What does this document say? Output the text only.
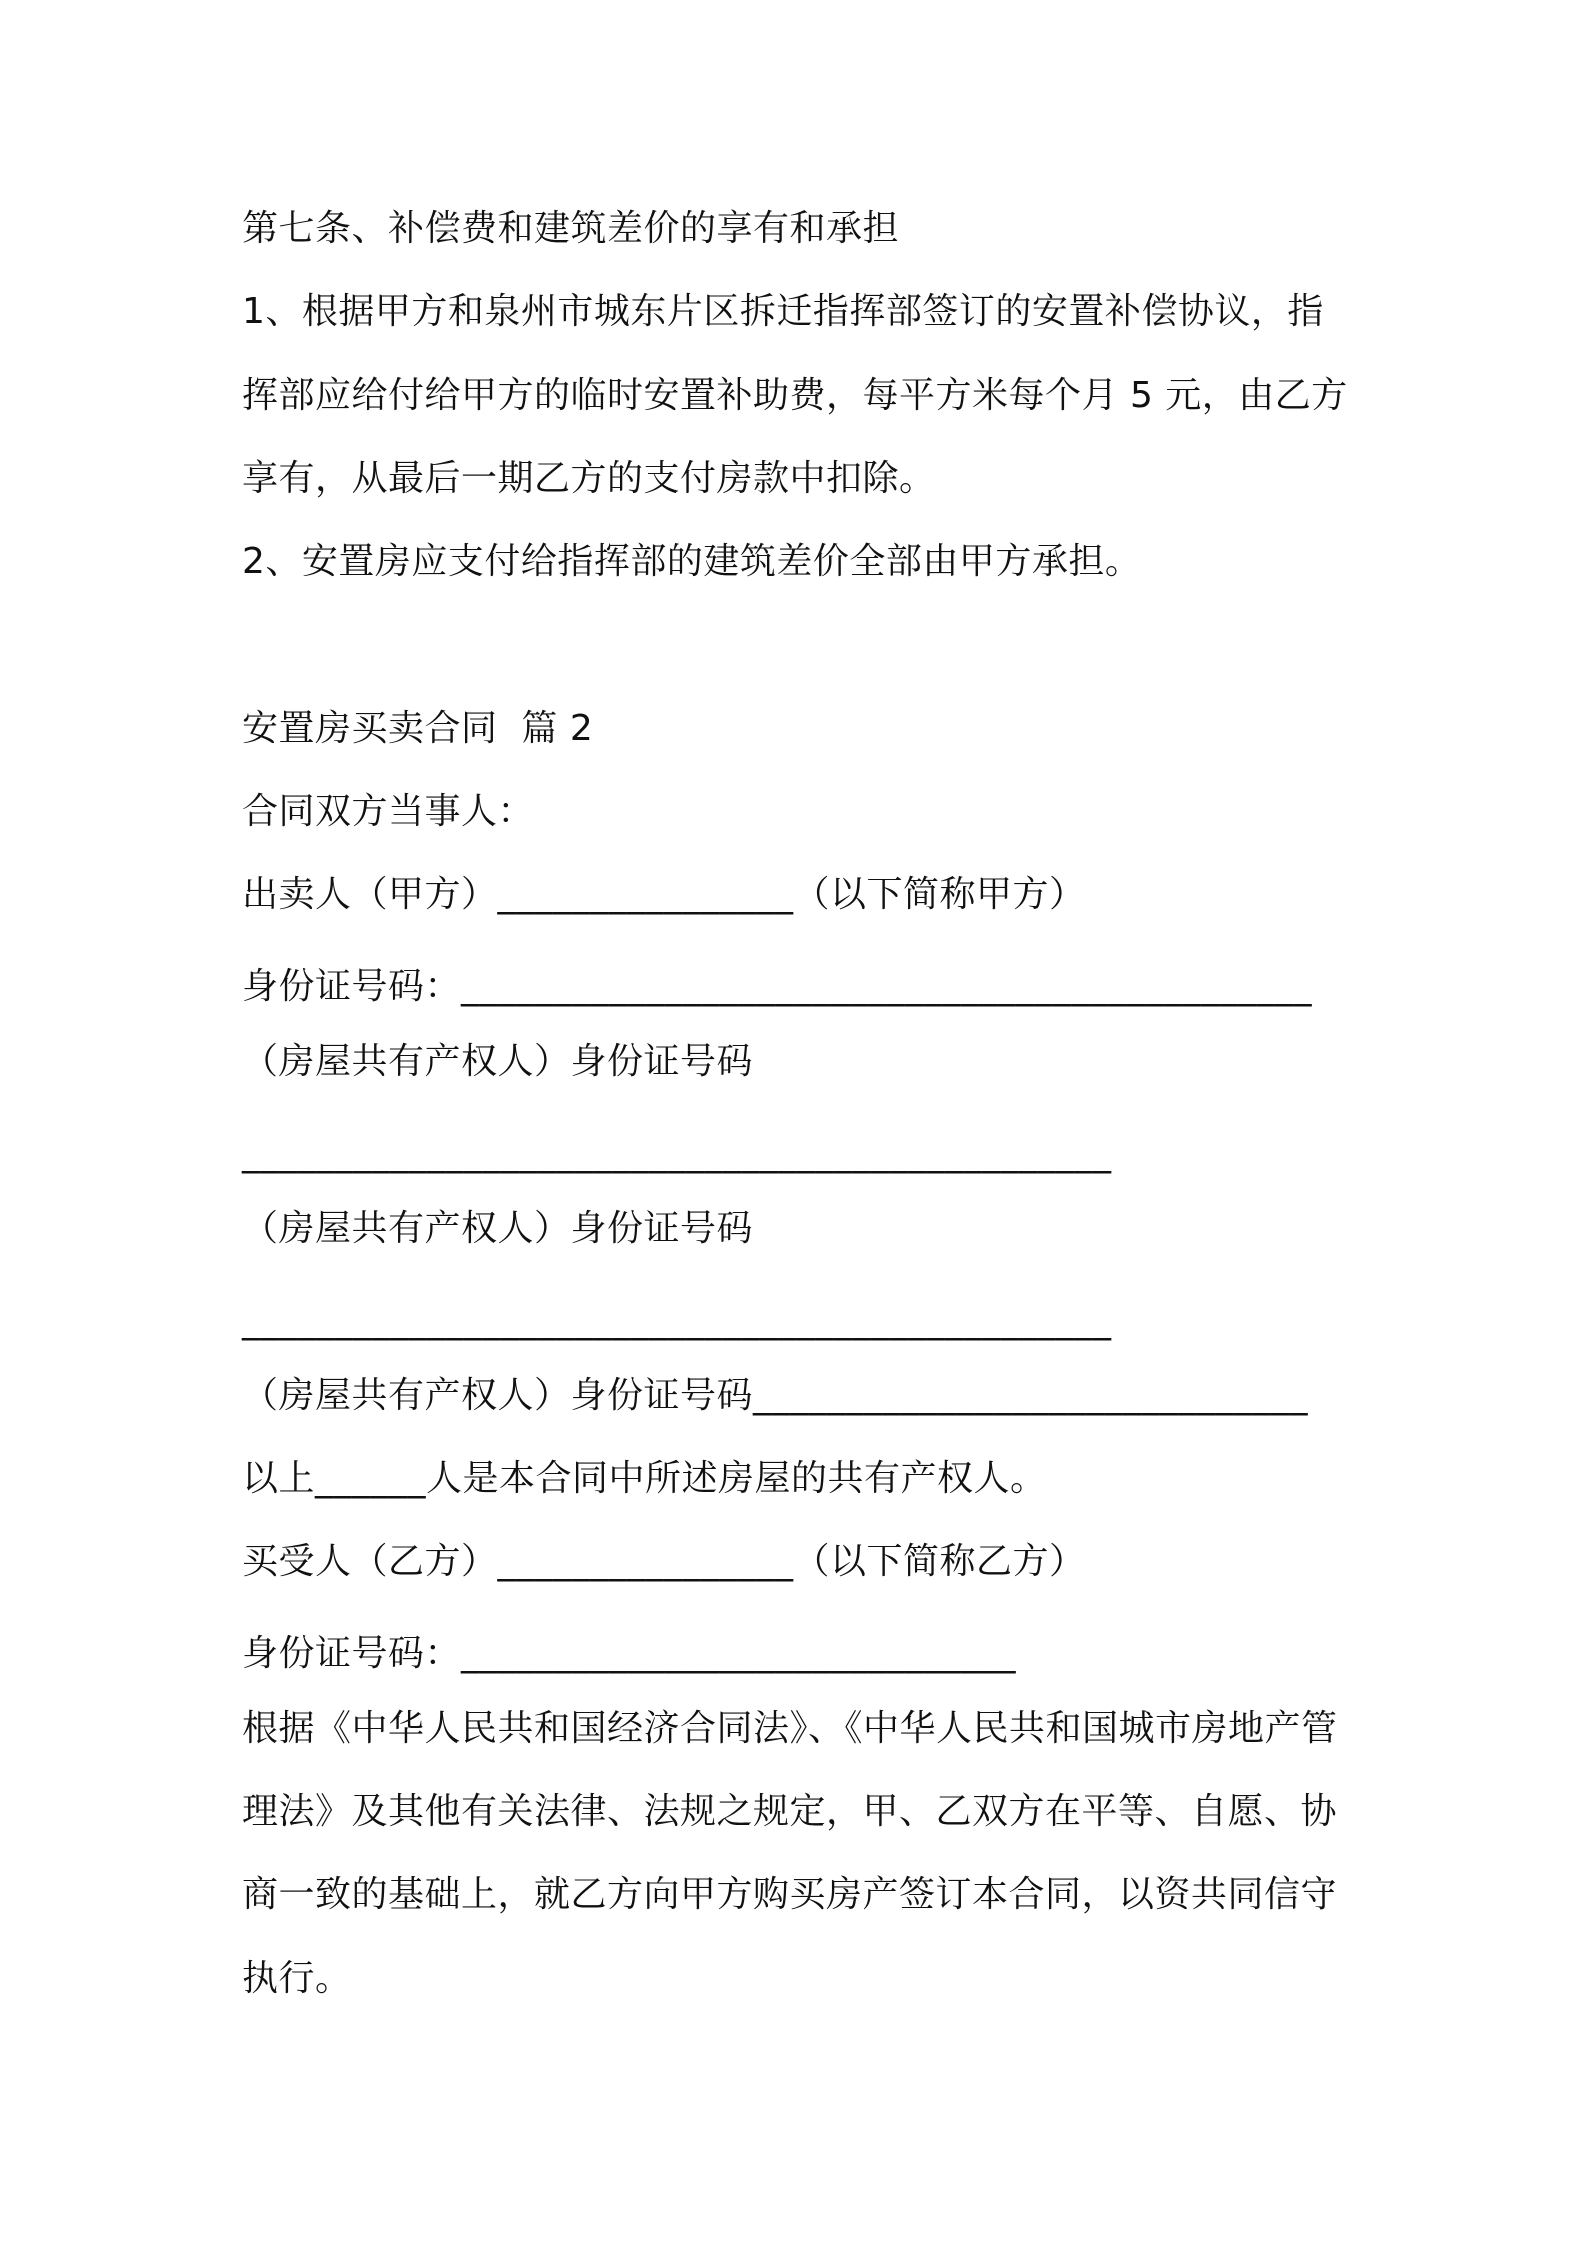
第七条、补偿费和建筑差价的享有和承担
1、根据甲方和泉州市城东片区拆迁指挥部签订的安置补偿协议，指
挥部应给付给甲方的临时安置补助费，每平方米每个月 5 元，由乙方
享有，从最后一期乙方的支付房款中扣除。
2、安置房应支付给指挥部的建筑差价全部由甲方承担。
安置房买卖合同  篇 2
合同双方当事人：
出卖人（甲方）________________（以下简称甲方）
身份证号码：______________________________________________
（房屋共有产权人）身份证号码
_______________________________________________
（房屋共有产权人）身份证号码
_______________________________________________
（房屋共有产权人）身份证号码______________________________
以上______人是本合同中所述房屋的共有产权人。
买受人（乙方）________________（以下简称乙方）
身份证号码：______________________________
根据《中华人民共和国经济合同法》、《中华人民共和国城市房地产管
理法》及其他有关法律、法规之规定，甲、乙双方在平等、自愿、协
商一致的基础上，就乙方向甲方购买房产签订本合同，以资共同信守
执行。
